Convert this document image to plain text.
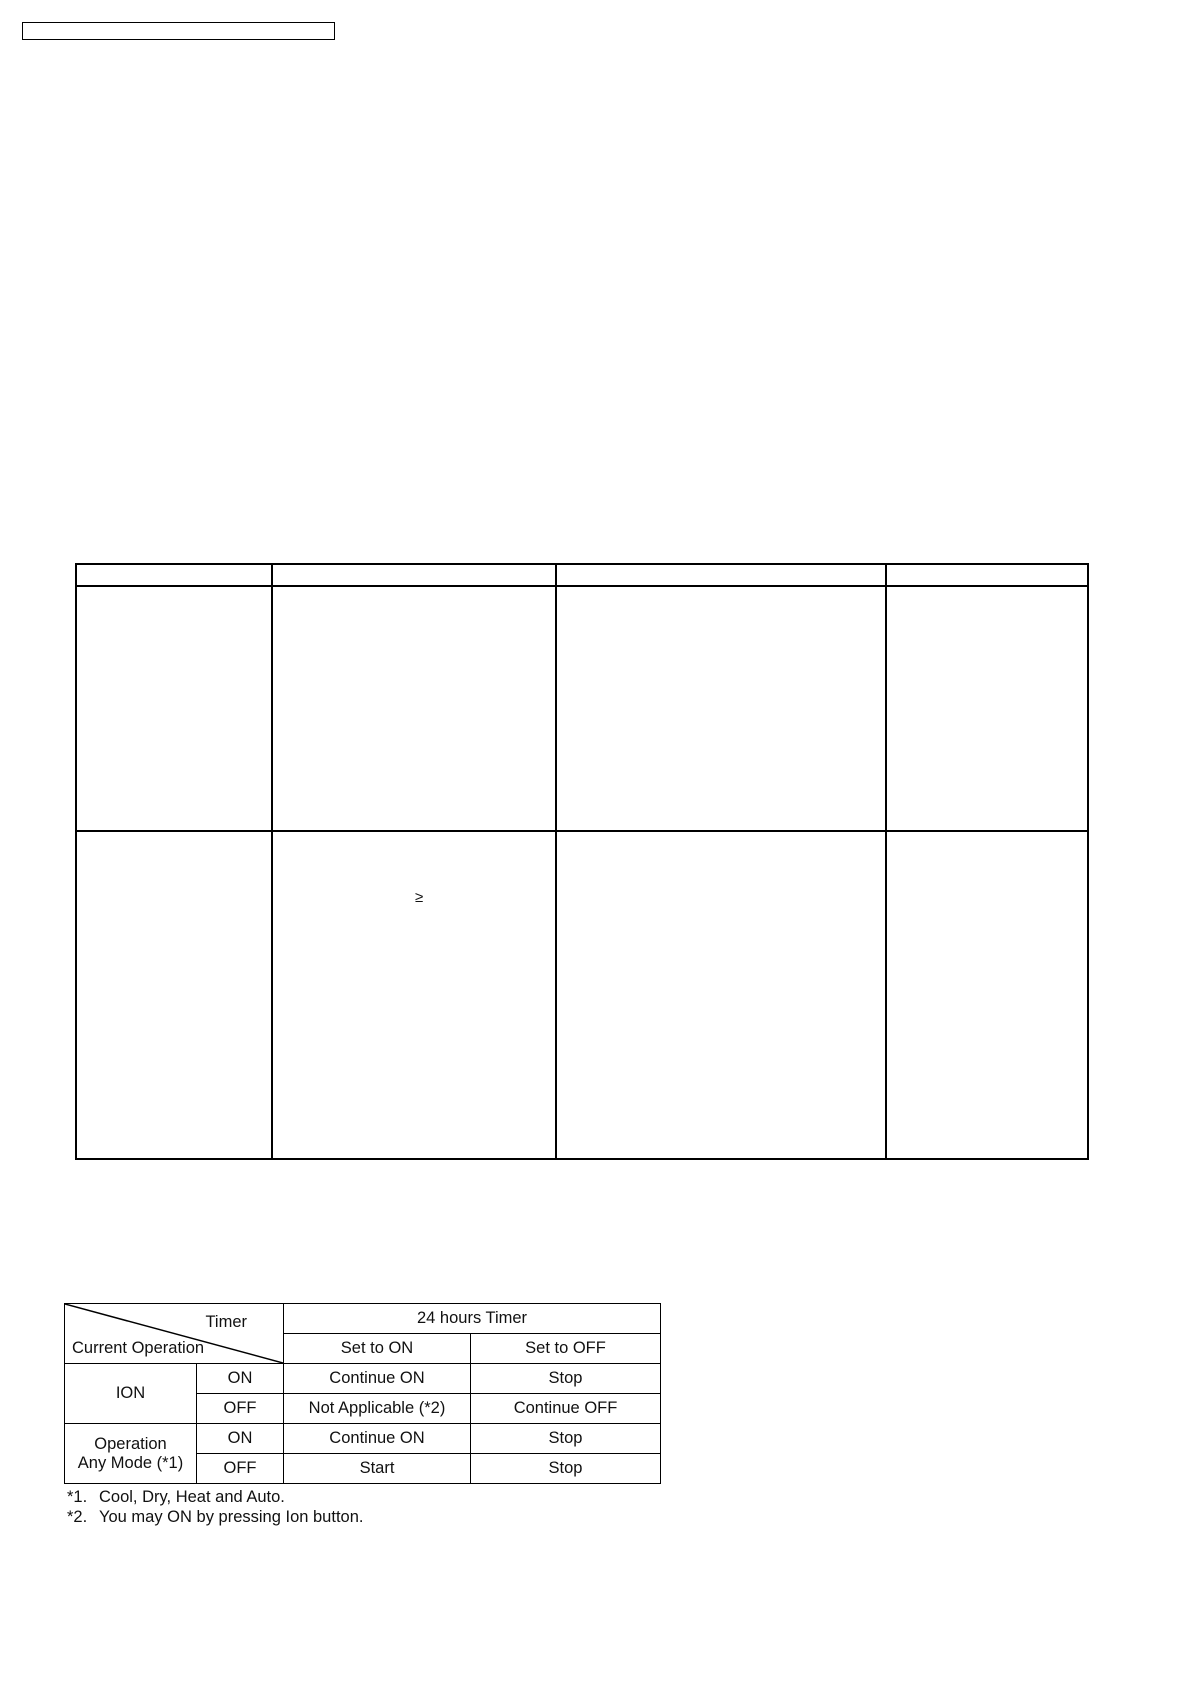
	≥		

Timer
Current Operation		24 hours Timer	
		Set to ON	Set to OFF
ION	ON	Continue ON	Stop
	OFF	Not Applicable (*2)	Continue OFF

Operation
Any Mode (*1)	ON	Continue ON	Stop
	OFF	Start	Stop
*1. Cool, Dry, Heat and Auto.
*2. You may ON by pressing Ion button.
